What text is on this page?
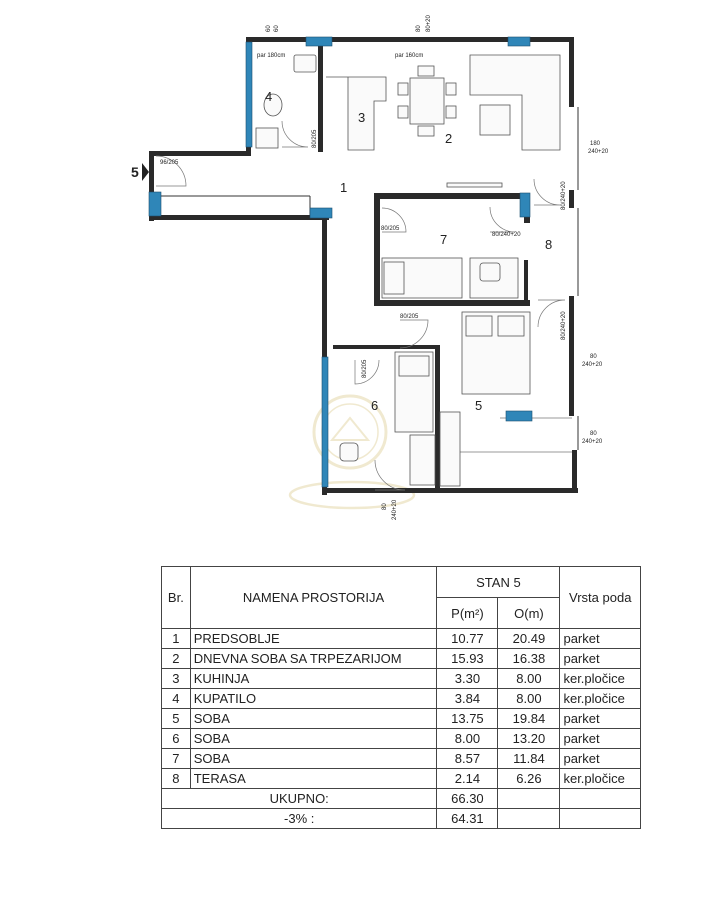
1
2
3
4
5
6
7	8
5
60 60	80 80+20
par 180cm	par 160cm
96/205
80/205
80/205
80/205
80/205
80/240+20
80/240+20
80/240+20
180
240+20
80
240+20
80
240+20
80 240+20
Br.	NAMENA PROSTORIJA	STAN 5		Vrsta poda
		P(m²)	O(m)	
1	PREDSOBLJE	10.77	20.49	parket
2	DNEVNA SOBA SA TRPEZARIJOM	15.93	16.38	parket
3	KUHINJA	3.30	8.00	ker.pločice
4	KUPATILO	3.84	8.00	ker.pločice
5	SOBA	13.75	19.84	parket
6	SOBA	8.00	13.20	parket
7	SOBA	8.57	11.84	parket
8	TERASA	2.14	6.26	ker.pločice
UKUPNO:		66.30		
-3% :		64.31		
